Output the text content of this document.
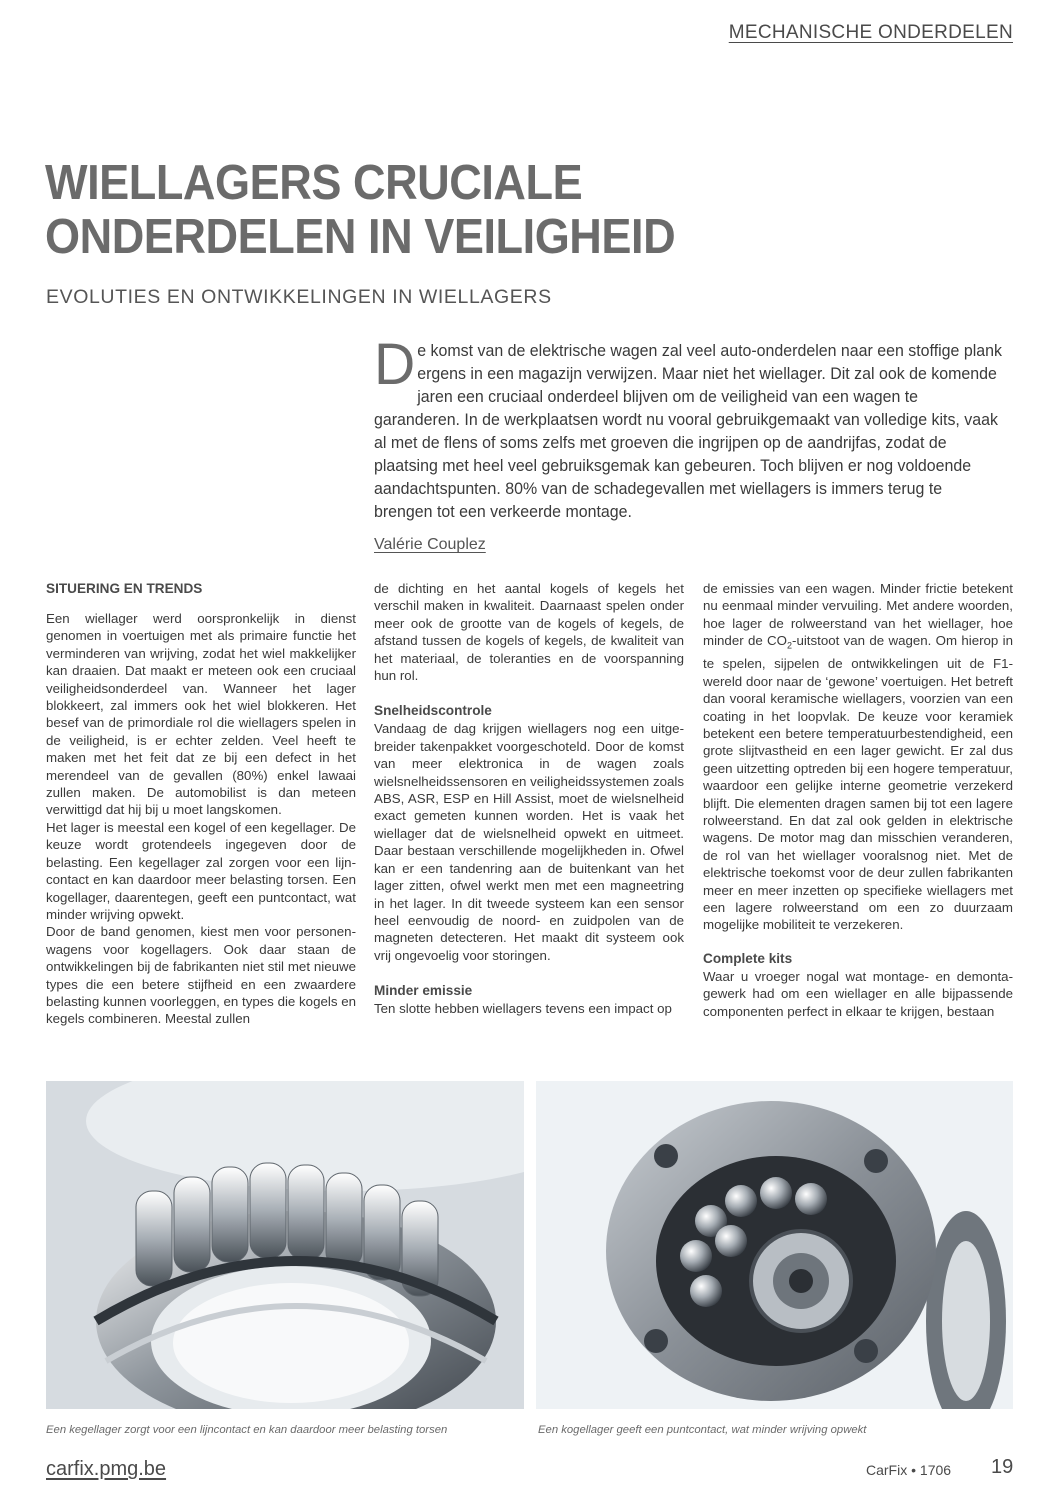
MECHANISCHE ONDERDELEN
WIELLAGERS CRUCIALE
ONDERDELEN IN VEILIGHEID
EVOLUTIES EN ONTWIKKELINGEN IN WIELLAGERS
De komst van de elektrische wagen zal veel auto-onderdelen naar een stoffige plank ergens in een magazijn verwijzen. Maar niet het wiellager. Dit zal ook de komende jaren een cruciaal onderdeel blijven om de veiligheid van een wagen te garanderen. In de werkplaatsen wordt nu vooral gebruikgemaakt van volledige kits, vaak al met de flens of soms zelfs met groeven die ingrijpen op de aandrijfas, zodat de plaatsing met heel veel gebruiksgemak kan gebeuren. Toch blijven er nog voldoende aandachtspunten. 80% van de schadegevallen met wiellagers is immers terug te brengen tot een verkeerde montage.
Valérie Couplez
SITUERING EN TRENDS

Een wiellager werd oorspronkelijk in dienst genomen in voertuigen met als primaire functie het verminderen van wrijving, zodat het wiel makkelijker kan draaien. Dat maakt er meteen ook een cruciaal veiligheidsonderdeel van. Wanneer het lager blokkeert, zal immers ook het wiel blokkeren. Het besef van de primordiale rol die wiellagers spelen in de veiligheid, is er echter zelden. Veel heeft te maken met het feit dat ze bij een defect in het merendeel van de gevallen (80%) enkel lawaai zullen maken. De automobilist is dan meteen verwittigd dat hij bij u moet langskomen.

Het lager is meestal een kogel of een kegellager. De keuze wordt grotendeels ingegeven door de belasting. Een kegellager zal zorgen voor een lijncontact en kan daardoor meer belasting torsen. Een kogellager, daarentegen, geeft een puntcontact, wat minder wrijving opwekt.

Door de band genomen, kiest men voor personenwagens voor kogellagers. Ook daar staan de ontwikkelingen bij de fabrikanten niet stil met nieuwe types die een betere stijfheid en een zwaardere belasting kunnen voorleggen, en types die kogels en kegels combineren. Meestal zullen

de dichting en het aantal kogels of kegels het verschil maken in kwaliteit. Daarnaast spelen onder meer ook de grootte van de kogels of kegels, de afstand tussen de kogels of kegels, de kwaliteit van het materiaal, de toleranties en de voorspanning hun rol.

Snelheidscontrole

Vandaag de dag krijgen wiellagers nog een uitgebreider takenpakket voorgeschoteld. Door de komst van meer elektronica in de wagen zoals wielsnelheidssensoren en veiligheidssystemen zoals ABS, ASR, ESP en Hill Assist, moet de wielsnelheid exact gemeten kunnen worden. Het is vaak het wiellager dat de wielsnelheid opwekt en uitmeet. Daar bestaan verschillende mogelijkheden in. Ofwel kan er een tandenring aan de buitenkant van het lager zitten, ofwel werkt men met een magneetring in het lager. In dit tweede systeem kan een sensor heel eenvoudig de noord- en zuidpolen van de magneten detecteren. Het maakt dit systeem ook vrij ongevoelig voor storingen.

Minder emissie

Ten slotte hebben wiellagers tevens een impact op

de emissies van een wagen. Minder frictie betekent nu eenmaal minder vervuiling. Met andere woorden, hoe lager de rolweerstand van het wiellager, hoe minder de $CO_2$-uitstoot van de wagen. Om hierop in te spelen, sijpelen de ontwikkelingen uit de F1-wereld door naar de ‘gewone’ voertuigen. Het betreft dan vooral keramische wiellagers, voorzien van een coating in het loopvlak. De keuze voor keramiek betekent een betere temperatuurbestendigheid, een grote slijtvastheid en een lager gewicht. Er zal dus geen uitzetting optreden bij een hogere temperatuur, waardoor een gelijke interne geometrie verzekerd blijft. Die elementen dragen samen bij tot een lagere rolweerstand. En dat zal ook gelden in elektrische wagens. De motor mag dan misschien veranderen, de rol van het wiellager vooralsnog niet. Met de elektrische toekomst voor de deur zullen fabrikanten meer en meer inzetten op specifieke wiellagers met een lagere rolweerstand om een zo duurzaam mogelijke mobiliteit te verzekeren.

Complete kits

Waar u vroeger nogal wat montage- en demontagewerk had om een wiellager en alle bijpassende componenten perfect in elkaar te krijgen, bestaan

Een kegellager zorgt voor een lijncontact en kan daardoor meer belasting torsen	Een kogellager geeft een puntcontact, wat minder wrijving opwekt
carfix.pmg.be	CarFix • 1706 19
